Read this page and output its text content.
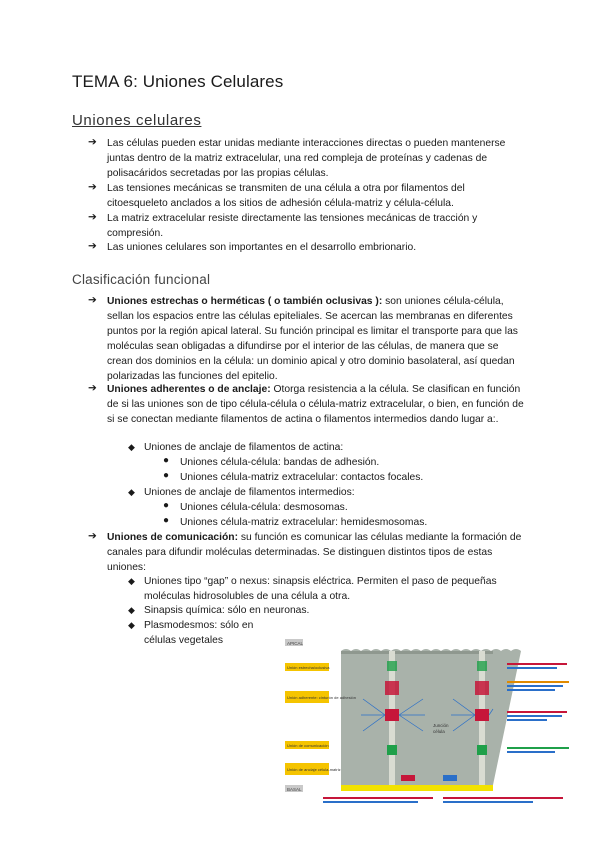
TEMA 6: Uniones Celulares
Uniones celulares
➔ Las células pueden estar unidas mediante interacciones directas o pueden mantenerse juntas dentro de la matriz extracelular, una red compleja de proteínas y cadenas de polisacáridos secretadas por las propias células.
➔ Las tensiones mecánicas se transmiten de una célula a otra por filamentos del citoesqueleto anclados a los sitios de adhesión célula-matriz y célula-célula.
➔ La matriz extracelular resiste directamente las tensiones mecánicas de tracción y compresión.
➔ Las uniones celulares son importantes en el desarrollo embrionario.
Clasificación funcional
➔ Uniones estrechas o herméticas ( o también oclusivas ): son uniones célula-célula, sellan los espacios entre las células epiteliales. Se acercan las membranas en diferentes puntos por la región apical lateral. Su función principal es limitar el transporte para que las moléculas sean obligadas a difundirse por el interior de las células, de manera que se crean dos dominios en la célula: un dominio apical y otro dominio basolateral, así quedan polarizadas las funciones del epitelio.
➔ Uniones adherentes o de anclaje: Otorga resistencia a la célula. Se clasifican en función de si las uniones son de tipo célula-célula o célula-matriz extracelular, o bien, en función de si se conectan mediante filamentos de actina o filamentos intermedios dando lugar a:.
◆ Uniones de anclaje de filamentos de actina:
● Uniones célula-célula: bandas de adhesión.
● Uniones célula-matriz extracelular: contactos focales.
◆ Uniones de anclaje de filamentos intermedios:
● Uniones célula-célula: desmosomas.
● Uniones célula-matriz extracelular: hemidesmosomas.
➔ Uniones de comunicación: su función es comunicar las células mediante la formación de canales para difundir moléculas determinadas. Se distinguen distintos tipos de estas uniones:
◆ Uniones tipo “gap” o nexus: sinapsis eléctrica. Permiten el paso de pequeñas moléculas hidrosolubles de una célula a otra.
◆ Sinapsis química: sólo en neuronas.
◆ Plasmodesmos: sólo en
células vegetales	APICAL
BASAL
Junción
célula
Unión estrecha/oclusiva
Unión adherente: cinturón de adhesión
Unión de comunicación
Unión de anclaje célula-matriz
